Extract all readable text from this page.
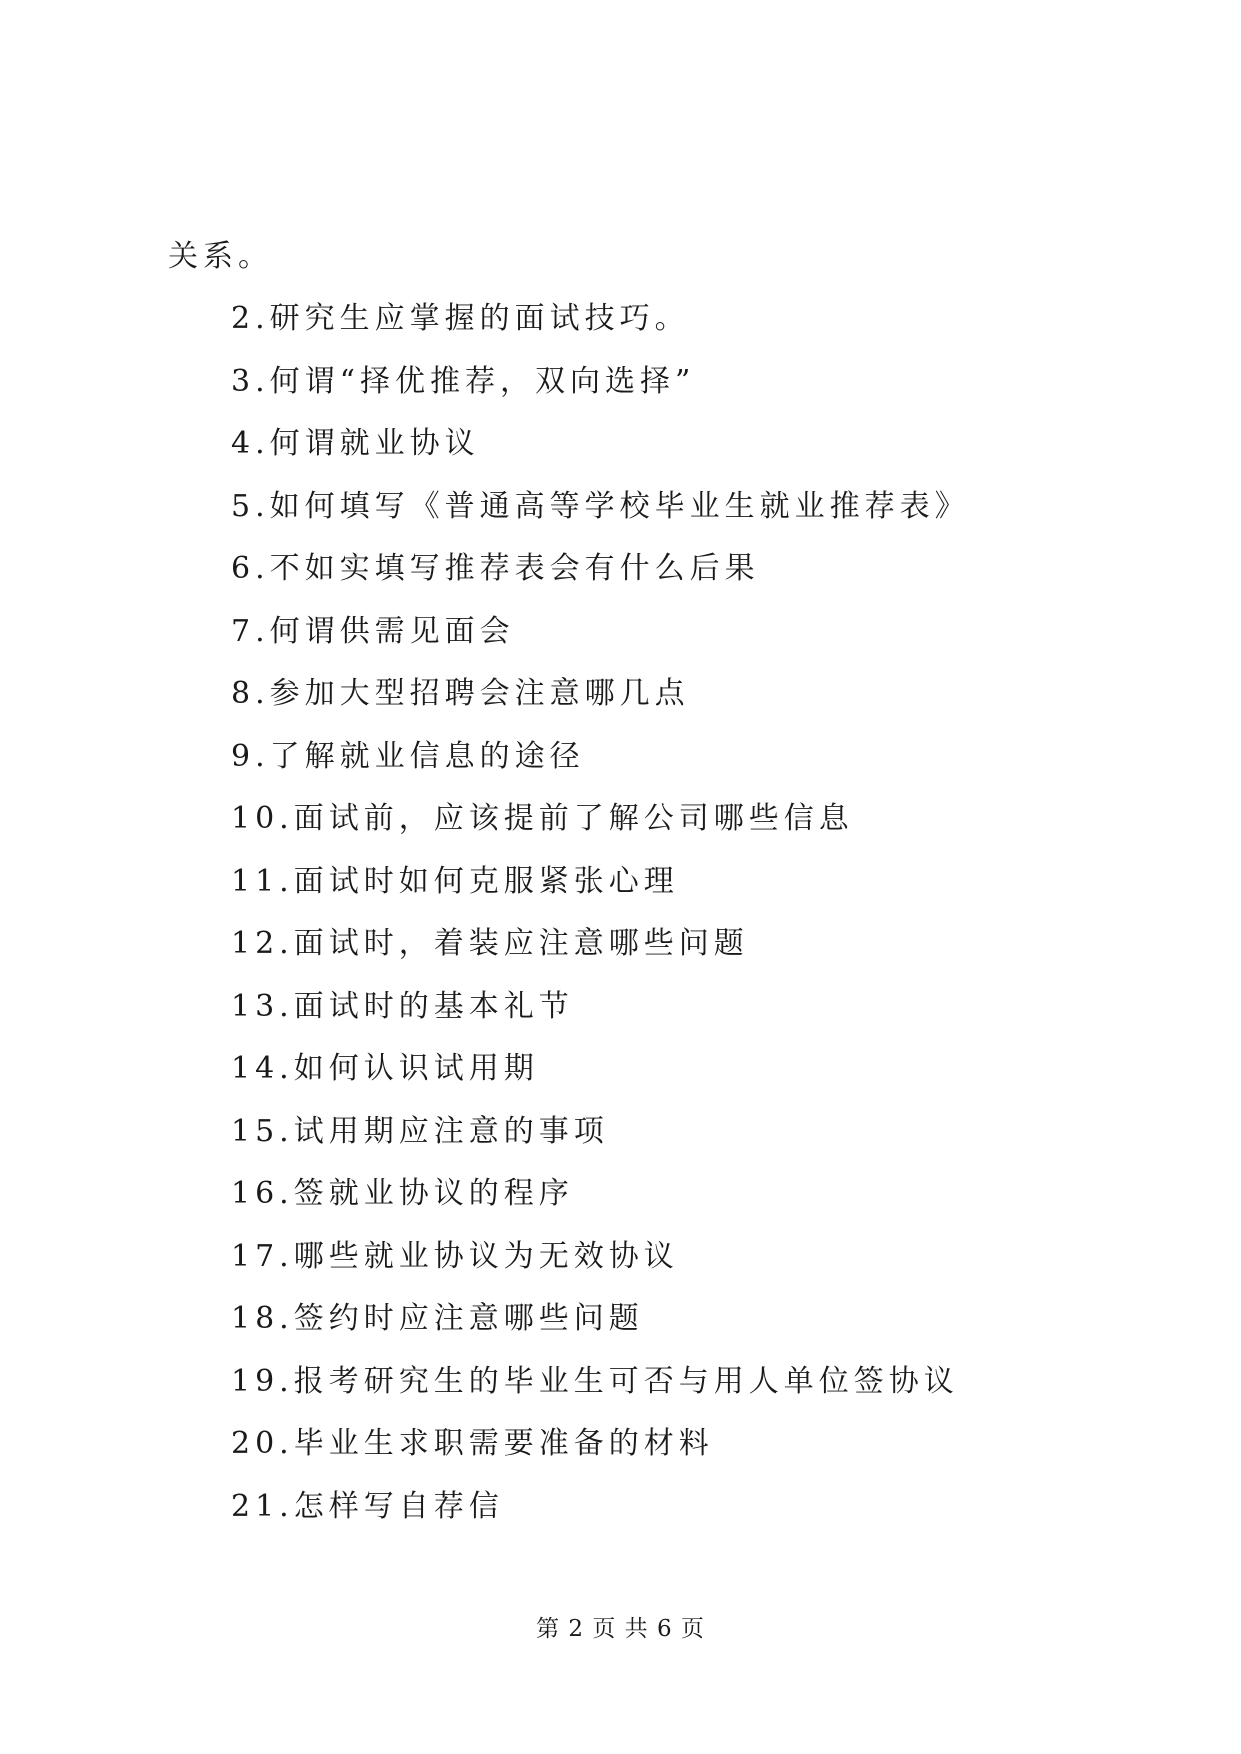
关系。
2.研究生应掌握的面试技巧。
3.何谓“择优推荐，双向选择”
4.何谓就业协议
5.如何填写《普通高等学校毕业生就业推荐表》
6.不如实填写推荐表会有什么后果
7.何谓供需见面会
8.参加大型招聘会注意哪几点
9.了解就业信息的途径
10.面试前，应该提前了解公司哪些信息
11.面试时如何克服紧张心理
12.面试时，着装应注意哪些问题
13.面试时的基本礼节
14.如何认识试用期
15.试用期应注意的事项
16.签就业协议的程序
17.哪些就业协议为无效协议
18.签约时应注意哪些问题
19.报考研究生的毕业生可否与用人单位签协议
20.毕业生求职需要准备的材料
21.怎样写自荐信
第 2 页 共 6 页
